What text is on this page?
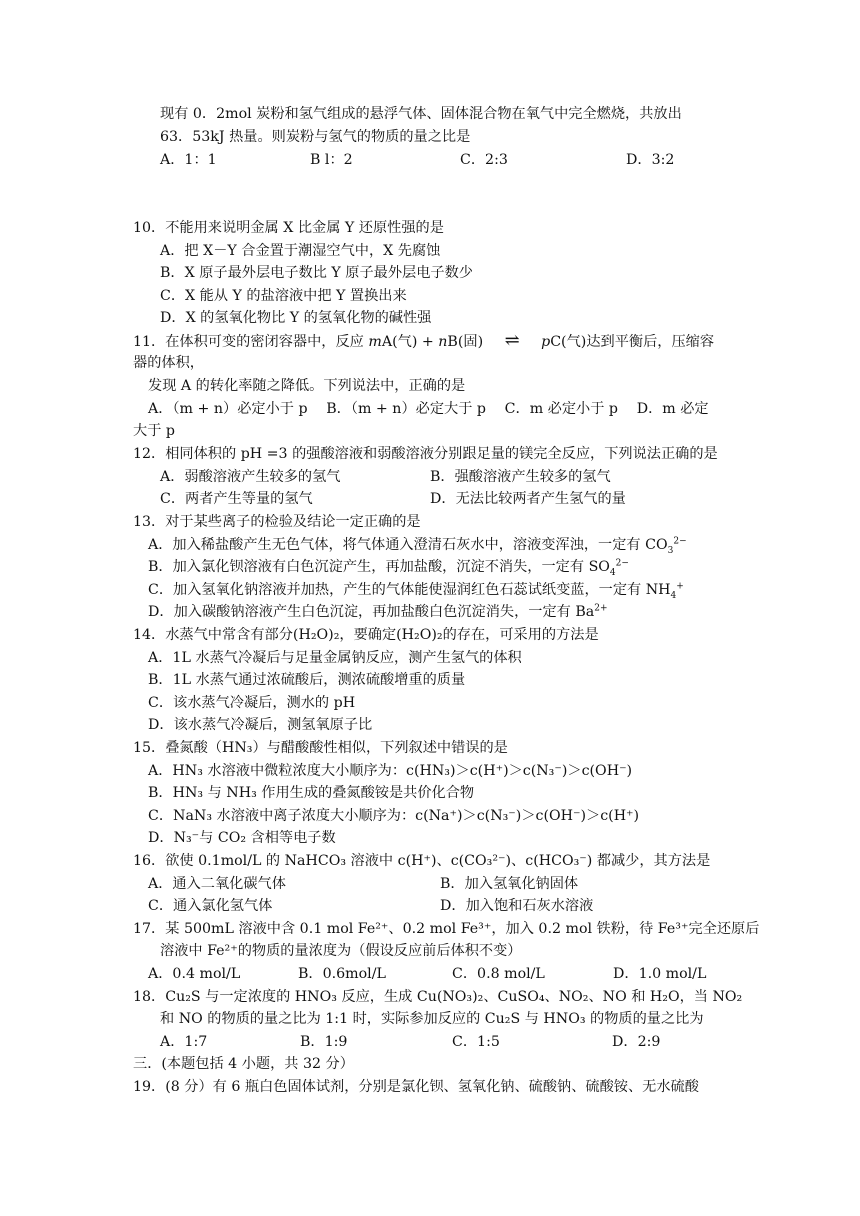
现有 0．2mol 炭粉和氢气组成的悬浮气体、固体混合物在氧气中完全燃烧，共放出
63．53kJ 热量。则炭粉与氢气的物质的量之比是
A．1：1	B l：2	C．2:3	D．3:2
10．不能用来说明金属 X 比金属 Y 还原性强的是
A．把 X－Y 合金置于潮湿空气中，X 先腐蚀
B．X 原子最外层电子数比 Y 原子最外层电子数少
C．X 能从 Y 的盐溶液中把 Y 置换出来
D．X 的氢氧化物比 Y 的氢氧化物的碱性强
11．在体积可变的密闭容器中，反应 mA(气) + nB(固) ⇌ pC(气)达到平衡后，压缩容
器的体积，
发现 A 的转化率随之降低。下列说法中，正确的是
A．（m + n）必定小于 p　 B．（m + n）必定大于 p　 C．m 必定小于 p　 D．m 必定
大于 p
12．相同体积的 pH =3 的强酸溶液和弱酸溶液分别跟足量的镁完全反应，下列说法正确的是
A．弱酸溶液产生较多的氢气	B．强酸溶液产生较多的氢气
C．两者产生等量的氢气	D．无法比较两者产生氢气的量
13．对于某些离子的检验及结论一定正确的是
A．加入稀盐酸产生无色气体，将气体通入澄清石灰水中，溶液变浑浊，一定有 $CO_3^{2-}$
B．加入氯化钡溶液有白色沉淀产生，再加盐酸，沉淀不消失，一定有 $SO_4^{2-}$
C．加入氢氧化钠溶液并加热，产生的气体能使湿润红色石蕊试纸变蓝，一定有 $NH_4^+$
D．加入碳酸钠溶液产生白色沉淀，再加盐酸白色沉淀消失，一定有 $Ba^{2+}$
14．水蒸气中常含有部分(H₂O)₂，要确定(H₂O)₂的存在，可采用的方法是
A．1L 水蒸气冷凝后与足量金属钠反应，测产生氢气的体积
B．1L 水蒸气通过浓硫酸后，测浓硫酸增重的质量
C．该水蒸气冷凝后，测水的 pH
D．该水蒸气冷凝后，测氢氧原子比
15．叠氮酸（HN₃）与醋酸酸性相似，下列叙述中错误的是
A．HN₃ 水溶液中微粒浓度大小顺序为：c(HN₃)＞c(H⁺)＞c(N₃⁻)＞c(OH⁻)
B．HN₃ 与 NH₃ 作用生成的叠氮酸铵是共价化合物
C．NaN₃ 水溶液中离子浓度大小顺序为：c(Na⁺)＞c(N₃⁻)＞c(OH⁻)＞c(H⁺)
D．N₃⁻与 CO₂ 含相等电子数
16．欲使 0.1mol/L 的 NaHCO₃ 溶液中 c(H⁺)、c(CO₃²⁻)、c(HCO₃⁻) 都减少，其方法是
A．通入二氧化碳气体	B．加入氢氧化钠固体
C．通入氯化氢气体	D．加入饱和石灰水溶液
17．某 500mL 溶液中含 0.1 mol Fe²⁺、0.2 mol Fe³⁺，加入 0.2 mol 铁粉，待 Fe³⁺完全还原后
溶液中 Fe²⁺的物质的量浓度为（假设反应前后体积不变）
A．0.4 mol/L	B．0.6mol/L	C．0.8 mol/L	D．1.0 mol/L
18．Cu₂S 与一定浓度的 HNO₃ 反应，生成 Cu(NO₃)₂、CuSO₄、NO₂、NO 和 H₂O，当 NO₂
和 NO 的物质的量之比为 1:1 时，实际参加反应的 Cu₂S 与 HNO₃ 的物质的量之比为
A．1:7	B．1:9	C．1:5	D．2:9
三．(本题包括 4 小题，共 32 分）
19．(8 分）有 6 瓶白色固体试剂，分别是氯化钡、氢氧化钠、硫酸钠、硫酸铵、无水硫酸
